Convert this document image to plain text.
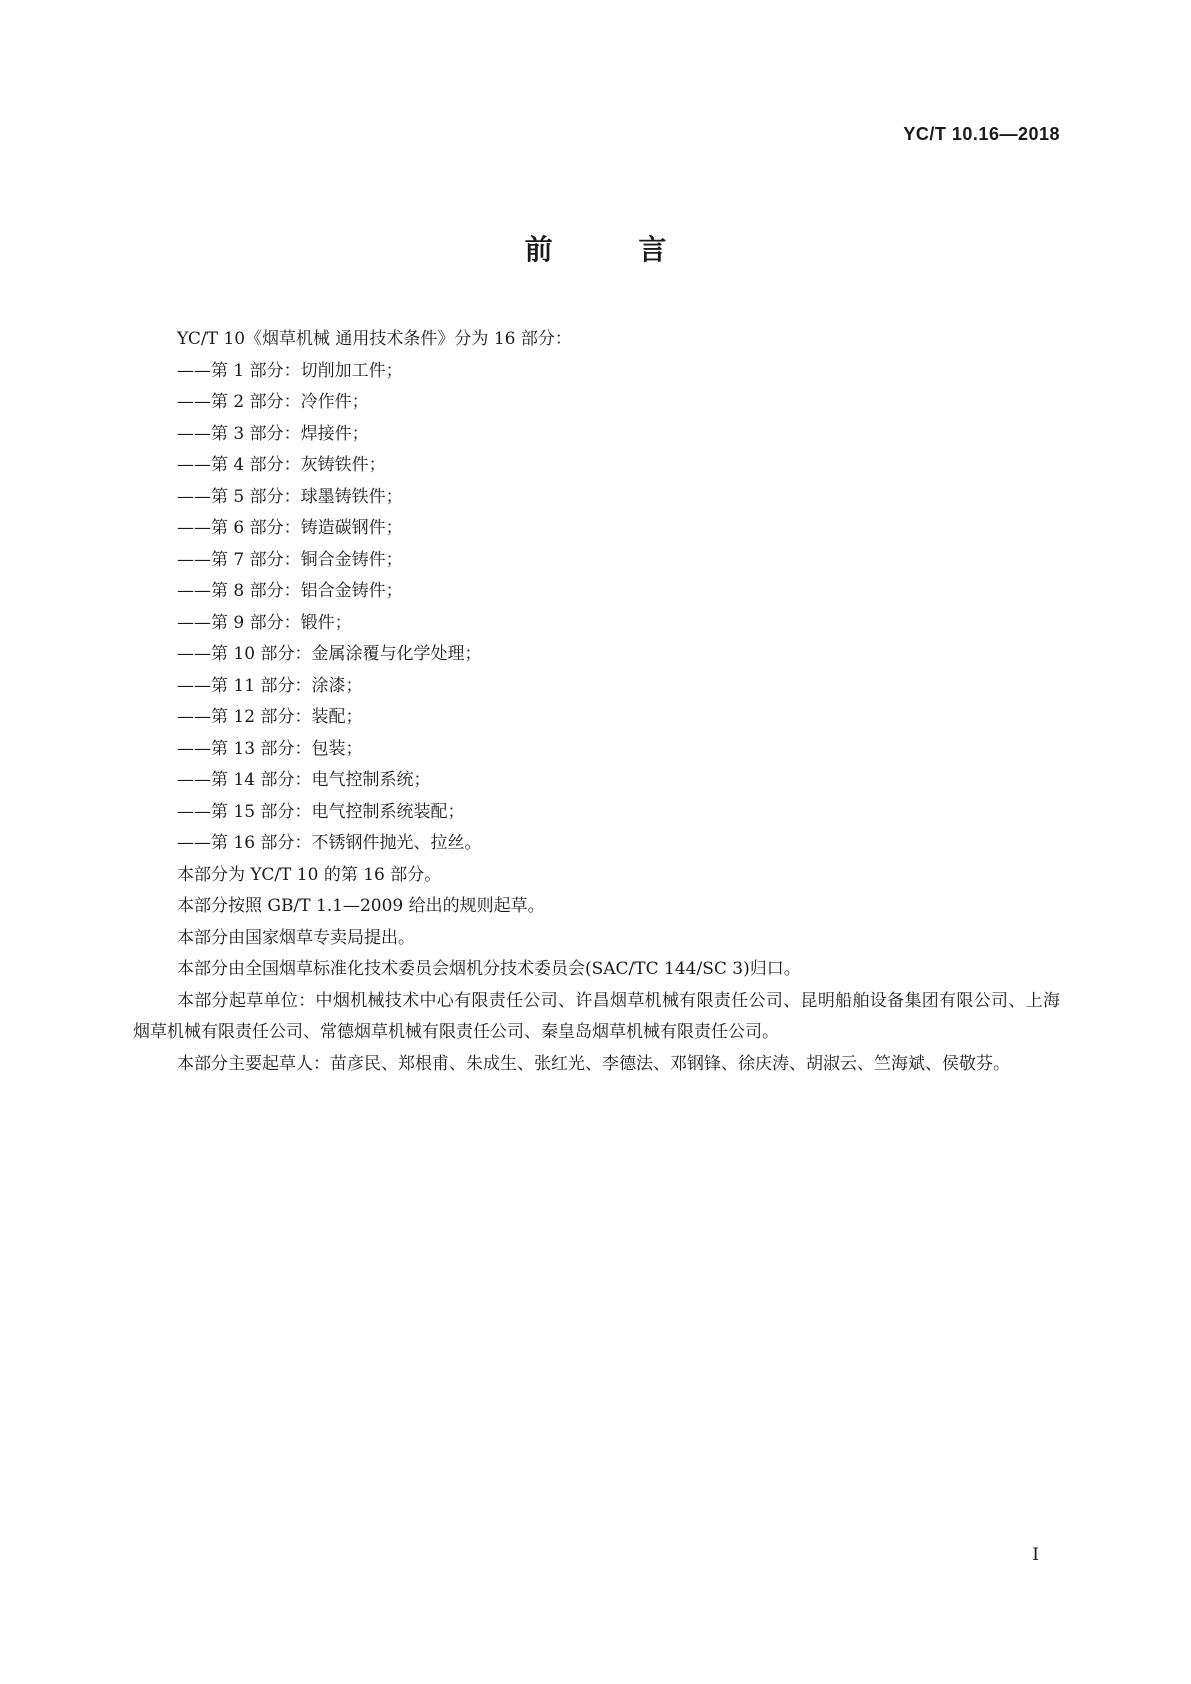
YC/T 10.16—2018
前 言

YC/T 10《烟草机械 通用技术条件》分为 16 部分：

——第 1 部分：切削加工件；

——第 2 部分：冷作件；

——第 3 部分：焊接件；

——第 4 部分：灰铸铁件；

——第 5 部分：球墨铸铁件；

——第 6 部分：铸造碳钢件；

——第 7 部分：铜合金铸件；

——第 8 部分：铝合金铸件；

——第 9 部分：锻件；

——第 10 部分：金属涂覆与化学处理；

——第 11 部分：涂漆；

——第 12 部分：装配；

——第 13 部分：包装；

——第 14 部分：电气控制系统；

——第 15 部分：电气控制系统装配；

——第 16 部分：不锈钢件抛光、拉丝。

本部分为 YC/T 10 的第 16 部分。

本部分按照 GB/T 1.1—2009 给出的规则起草。

本部分由国家烟草专卖局提出。

本部分由全国烟草标准化技术委员会烟机分技术委员会(SAC/TC 144/SC 3)归口。

本部分起草单位：中烟机械技术中心有限责任公司、许昌烟草机械有限责任公司、昆明船舶设备集团有限公司、上海烟草机械有限责任公司、常德烟草机械有限责任公司、秦皇岛烟草机械有限责任公司。

本部分主要起草人：苗彦民、郑根甫、朱成生、张红光、李德法、邓钢锋、徐庆涛、胡淑云、竺海斌、侯敬芬。

I
